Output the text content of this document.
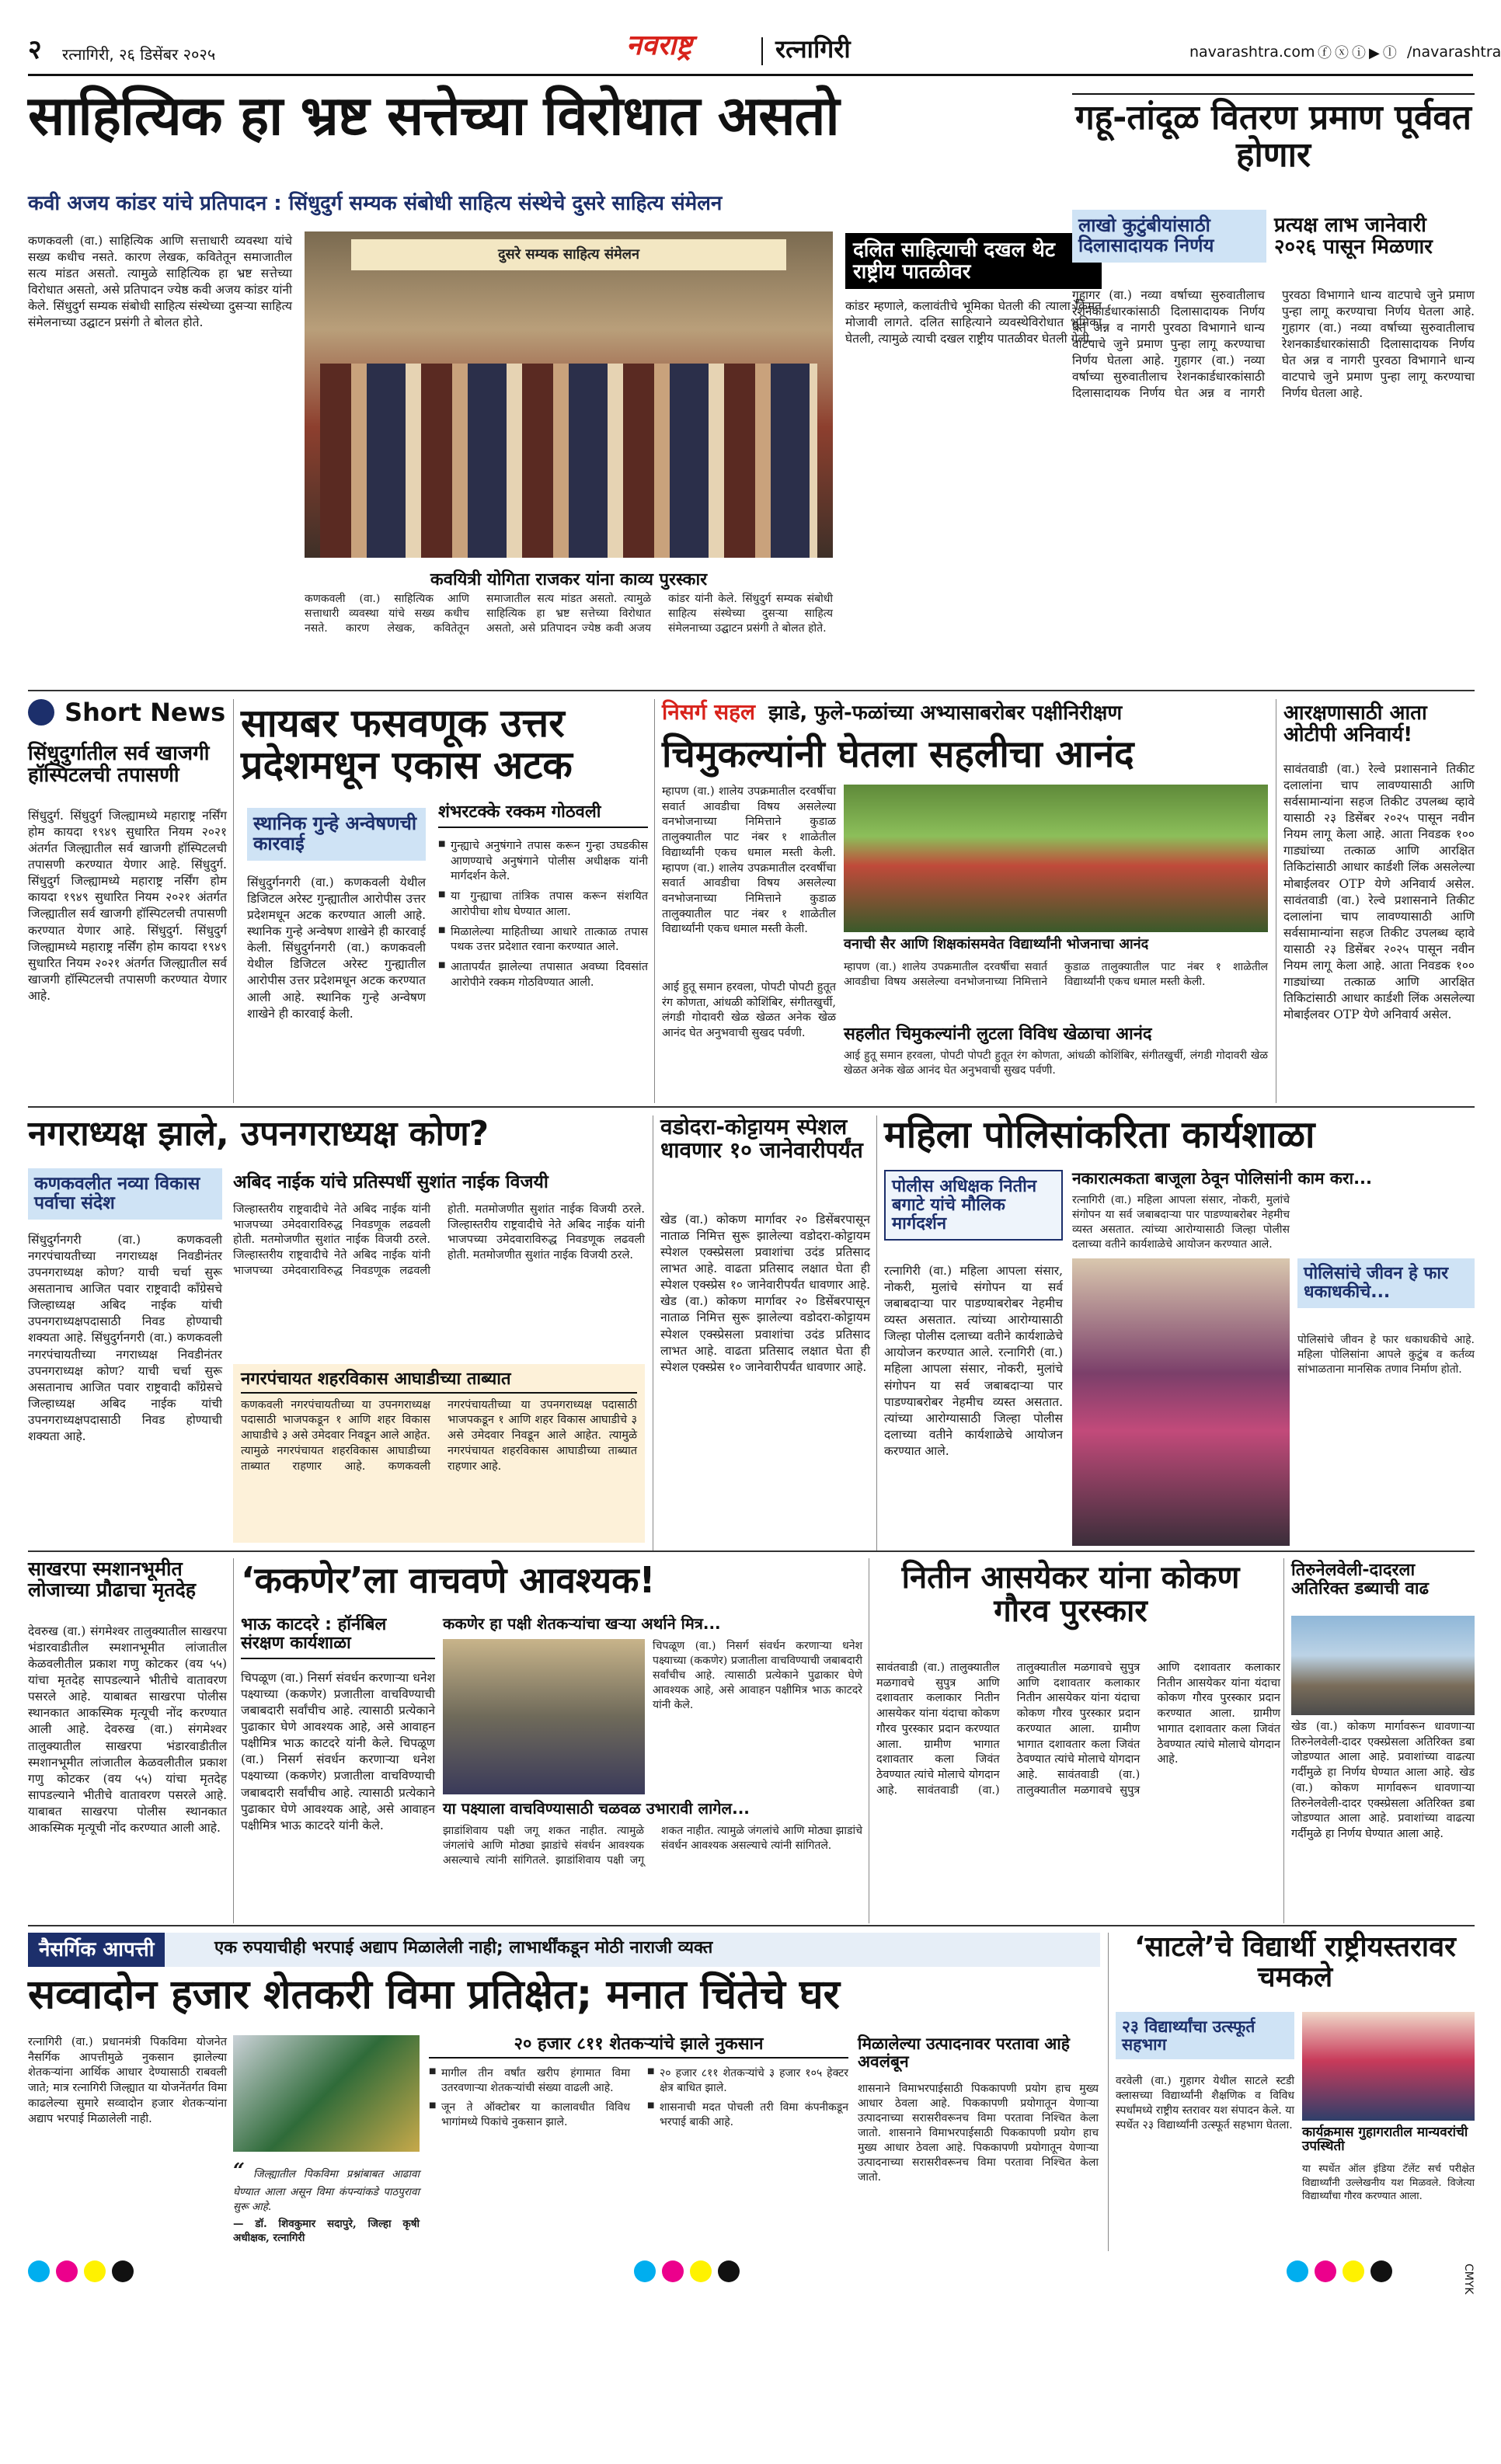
२ रत्नागिरी, २६ डिसेंबर २०२५	नवराष्ट्र	रत्नागिरी	navarashtra.com ⓕⓧⓘ▶ⓛ /navarashtra
साहित्यिक हा भ्रष्ट सत्तेच्या विरोधात असतो
कवी अजय कांडर यांचे प्रतिपादन : सिंधुदुर्ग सम्यक संबोधी साहित्य संस्थेचे दुसरे साहित्य संमेलन
कणकवली (वा.) साहित्यिक आणि सत्ताधारी व्यवस्था यांचे सख्य कधीच नसते. कारण लेखक, कवितेतून समाजातील सत्य मांडत असतो. त्यामुळे साहित्यिक हा भ्रष्ट सत्तेच्या विरोधात असतो, असे प्रतिपादन ज्येष्ठ कवी अजय कांडर यांनी केले. सिंधुदुर्ग सम्यक संबोधी साहित्य संस्थेच्या दुसऱ्या साहित्य संमेलनाच्या उद्घाटन प्रसंगी ते बोलत होते.
दुसरे सम्यक साहित्य संमेलन
कवयित्री योगिता राजकर यांना काव्य पुरस्कार
कणकवली (वा.) साहित्यिक आणि सत्ताधारी व्यवस्था यांचे सख्य कधीच नसते. कारण लेखक, कवितेतून समाजातील सत्य मांडत असतो. त्यामुळे साहित्यिक हा भ्रष्ट सत्तेच्या विरोधात असतो, असे प्रतिपादन ज्येष्ठ कवी अजय कांडर यांनी केले. सिंधुदुर्ग सम्यक संबोधी साहित्य संस्थेच्या दुसऱ्या साहित्य संमेलनाच्या उद्घाटन प्रसंगी ते बोलत होते.
दलित साहित्याची दखल थेट राष्ट्रीय पातळीवर
कांडर म्हणाले, कलावंतीचे भूमिका घेतली की त्याला किंमत मोजावी लागते. दलित साहित्याने व्यवस्थेविरोधात भूमिका घेतली, त्यामुळे त्याची दखल राष्ट्रीय पातळीवर घेतली गेली.
गहू-तांदूळ वितरण प्रमाण पूर्ववत होणार
लाखो कुटुंबीयांसाठी दिलासादायक निर्णय
प्रत्यक्ष लाभ जानेवारी २०२६ पासून मिळणार
गुहागर (वा.) नव्या वर्षाच्या सुरुवातीलाच रेशनकार्डधारकांसाठी दिलासादायक निर्णय घेत अन्न व नागरी पुरवठा विभागाने धान्य वाटपाचे जुने प्रमाण पुन्हा लागू करण्याचा निर्णय घेतला आहे. गुहागर (वा.) नव्या वर्षाच्या सुरुवातीलाच रेशनकार्डधारकांसाठी दिलासादायक निर्णय घेत अन्न व नागरी पुरवठा विभागाने धान्य वाटपाचे जुने प्रमाण पुन्हा लागू करण्याचा निर्णय घेतला आहे. गुहागर (वा.) नव्या वर्षाच्या सुरुवातीलाच रेशनकार्डधारकांसाठी दिलासादायक निर्णय घेत अन्न व नागरी पुरवठा विभागाने धान्य वाटपाचे जुने प्रमाण पुन्हा लागू करण्याचा निर्णय घेतला आहे.
Short News
सिंधुदुर्गातील सर्व खाजगी हॉस्पिटलची तपासणी
सिंधुदुर्ग. सिंधुदुर्ग जिल्ह्यामध्ये महाराष्ट्र नर्सिंग होम कायदा १९४९ सुधारित नियम २०२१ अंतर्गत जिल्ह्यातील सर्व खाजगी हॉस्पिटलची तपासणी करण्यात येणार आहे. सिंधुदुर्ग. सिंधुदुर्ग जिल्ह्यामध्ये महाराष्ट्र नर्सिंग होम कायदा १९४९ सुधारित नियम २०२१ अंतर्गत जिल्ह्यातील सर्व खाजगी हॉस्पिटलची तपासणी करण्यात येणार आहे. सिंधुदुर्ग. सिंधुदुर्ग जिल्ह्यामध्ये महाराष्ट्र नर्सिंग होम कायदा १९४९ सुधारित नियम २०२१ अंतर्गत जिल्ह्यातील सर्व खाजगी हॉस्पिटलची तपासणी करण्यात येणार आहे.
सायबर फसवणूक उत्तर प्रदेशमधून एकास अटक
स्थानिक गुन्हे अन्वेषणची कारवाई
सिंधुदुर्गनगरी (वा.) कणकवली येथील डिजिटल अरेस्ट गुन्ह्यातील आरोपीस उत्तर प्रदेशमधून अटक करण्यात आली आहे. स्थानिक गुन्हे अन्वेषण शाखेने ही कारवाई केली. सिंधुदुर्गनगरी (वा.) कणकवली येथील डिजिटल अरेस्ट गुन्ह्यातील आरोपीस उत्तर प्रदेशमधून अटक करण्यात आली आहे. स्थानिक गुन्हे अन्वेषण शाखेने ही कारवाई केली.
शंभरटक्के रक्कम गोठवली
■ गुन्ह्याचे अनुषंगाने तपास करून गुन्हा उघडकीस आणण्याचे अनुषंगाने पोलीस अधीक्षक यांनी मार्गदर्शन केले.
■ या गुन्ह्याचा तांत्रिक तपास करून संशयित आरोपीचा शोध घेण्यात आला.
■ मिळालेल्या माहितीच्या आधारे तात्काळ तपास पथक उत्तर प्रदेशात रवाना करण्यात आले.
■ आतापर्यंत झालेल्या तपासात अवघ्या दिवसांत आरोपीने रक्कम गोठविण्यात आली.
निसर्ग सहल झाडे, फुले-फळांच्या अभ्यासाबरोबर पक्षीनिरीक्षण
चिमुकल्यांनी घेतला सहलीचा आनंद
म्हापण (वा.) शालेय उपक्रमातील दरवर्षीचा सवार्त आवडीचा विषय असलेल्या वनभोजनाच्या निमित्ताने कुडाळ तालुक्यातील पाट नंबर १ शाळेतील विद्यार्थ्यांनी एकच धमाल मस्ती केली. म्हापण (वा.) शालेय उपक्रमातील दरवर्षीचा सवार्त आवडीचा विषय असलेल्या वनभोजनाच्या निमित्ताने कुडाळ तालुक्यातील पाट नंबर १ शाळेतील विद्यार्थ्यांनी एकच धमाल मस्ती केली.
वनाची सैर आणि शिक्षकांसमवेत विद्यार्थ्यांनी भोजनाचा आनंद
म्हापण (वा.) शालेय उपक्रमातील दरवर्षीचा सवार्त आवडीचा विषय असलेल्या वनभोजनाच्या निमित्ताने कुडाळ तालुक्यातील पाट नंबर १ शाळेतील विद्यार्थ्यांनी एकच धमाल मस्ती केली.
सहलीत चिमुकल्यांनी लुटला विविध खेळाचा आनंद
आई हुतू समान हरवला, पोपटी पोपटी हुतूत रंग कोणता, आंधळी कोशिंबिर, संगीतखुर्ची, लंगडी गोदावरी खेळ खेळत अनेक खेळ आनंद घेत अनुभवाची सुखद पर्वणी.
आई हुतू समान हरवला, पोपटी पोपटी हुतूत रंग कोणता, आंधळी कोशिंबिर, संगीतखुर्ची, लंगडी गोदावरी खेळ खेळत अनेक खेळ आनंद घेत अनुभवाची सुखद पर्वणी.
आरक्षणासाठी आता ओटीपी अनिवार्य!
सावंतवाडी (वा.) रेल्वे प्रशासनाने तिकीट दलालांना चाप लावण्यासाठी आणि सर्वसामान्यांना सहज तिकीट उपलब्ध व्हावे यासाठी २३ डिसेंबर २०२५ पासून नवीन नियम लागू केला आहे. आता निवडक १०० गाड्यांच्या तत्काळ आणि आरक्षित तिकिटांसाठी आधार कार्डशी लिंक असलेल्या मोबाईलवर OTP येणे अनिवार्य असेल. सावंतवाडी (वा.) रेल्वे प्रशासनाने तिकीट दलालांना चाप लावण्यासाठी आणि सर्वसामान्यांना सहज तिकीट उपलब्ध व्हावे यासाठी २३ डिसेंबर २०२५ पासून नवीन नियम लागू केला आहे. आता निवडक १०० गाड्यांच्या तत्काळ आणि आरक्षित तिकिटांसाठी आधार कार्डशी लिंक असलेल्या मोबाईलवर OTP येणे अनिवार्य असेल.
नगराध्यक्ष झाले, उपनगराध्यक्ष कोण?
कणकवलीत नव्या विकास पर्वाचा संदेश
सिंधुदुर्गनगरी (वा.) कणकवली नगरपंचायतीच्या नगराध्यक्ष निवडीनंतर उपनगराध्यक्ष कोण? याची चर्चा सुरू असतानाच आजित पवार राष्ट्रवादी काँग्रेसचे जिल्हाध्यक्ष अबिद नाईक यांची उपनगराध्यक्षपदासाठी निवड होण्याची शक्यता आहे. सिंधुदुर्गनगरी (वा.) कणकवली नगरपंचायतीच्या नगराध्यक्ष निवडीनंतर उपनगराध्यक्ष कोण? याची चर्चा सुरू असतानाच आजित पवार राष्ट्रवादी काँग्रेसचे जिल्हाध्यक्ष अबिद नाईक यांची उपनगराध्यक्षपदासाठी निवड होण्याची शक्यता आहे.
अबिद नाईक यांचे प्रतिस्पर्धी सुशांत नाईक विजयी
जिल्हास्तरीय राष्ट्रवादीचे नेते अबिद नाईक यांनी भाजपच्या उमेदवाराविरुद्ध निवडणूक लढवली होती. मतमोजणीत सुशांत नाईक विजयी ठरले. जिल्हास्तरीय राष्ट्रवादीचे नेते अबिद नाईक यांनी भाजपच्या उमेदवाराविरुद्ध निवडणूक लढवली होती. मतमोजणीत सुशांत नाईक विजयी ठरले. जिल्हास्तरीय राष्ट्रवादीचे नेते अबिद नाईक यांनी भाजपच्या उमेदवाराविरुद्ध निवडणूक लढवली होती. मतमोजणीत सुशांत नाईक विजयी ठरले.
नगरपंचायत शहरविकास आघाडीच्या ताब्यात
कणकवली नगरपंचायतीच्या या उपनगराध्यक्ष पदासाठी भाजपकडून १ आणि शहर विकास आघाडीचे ३ असे उमेदवार निवडून आले आहेत. त्यामुळे नगरपंचायत शहरविकास आघाडीच्या ताब्यात राहणार आहे. कणकवली नगरपंचायतीच्या या उपनगराध्यक्ष पदासाठी भाजपकडून १ आणि शहर विकास आघाडीचे ३ असे उमेदवार निवडून आले आहेत. त्यामुळे नगरपंचायत शहरविकास आघाडीच्या ताब्यात राहणार आहे.
वडोदरा-कोट्टायम स्पेशल धावणार १० जानेवारीपर्यंत
खेड (वा.) कोकण मार्गावर २० डिसेंबरपासून नाताळ निमित्त सुरू झालेल्या वडोदरा-कोट्टायम स्पेशल एक्स्प्रेसला प्रवाशांचा उदंड प्रतिसाद लाभत आहे. वाढता प्रतिसाद लक्षात घेता ही स्पेशल एक्स्प्रेस १० जानेवारीपर्यंत धावणार आहे. खेड (वा.) कोकण मार्गावर २० डिसेंबरपासून नाताळ निमित्त सुरू झालेल्या वडोदरा-कोट्टायम स्पेशल एक्स्प्रेसला प्रवाशांचा उदंड प्रतिसाद लाभत आहे. वाढता प्रतिसाद लक्षात घेता ही स्पेशल एक्स्प्रेस १० जानेवारीपर्यंत धावणार आहे.
महिला पोलिसांकरिता कार्यशाळा
पोलीस अधिक्षक नितीन बगाटे यांचे मौलिक मार्गदर्शन
रत्नागिरी (वा.) महिला आपला संसार, नोकरी, मुलांचे संगोपन या सर्व जबाबदाऱ्या पार पाडण्याबरोबर नेहमीच व्यस्त असतात. त्यांच्या आरोग्यासाठी जिल्हा पोलीस दलाच्या वतीने कार्यशाळेचे आयोजन करण्यात आले. रत्नागिरी (वा.) महिला आपला संसार, नोकरी, मुलांचे संगोपन या सर्व जबाबदाऱ्या पार पाडण्याबरोबर नेहमीच व्यस्त असतात. त्यांच्या आरोग्यासाठी जिल्हा पोलीस दलाच्या वतीने कार्यशाळेचे आयोजन करण्यात आले.
नकारात्मकता बाजूला ठेवून पोलिसांनी काम करा...
रत्नागिरी (वा.) महिला आपला संसार, नोकरी, मुलांचे संगोपन या सर्व जबाबदाऱ्या पार पाडण्याबरोबर नेहमीच व्यस्त असतात. त्यांच्या आरोग्यासाठी जिल्हा पोलीस दलाच्या वतीने कार्यशाळेचे आयोजन करण्यात आले.
पोलिसांचे जीवन हे फार धकाधकीचे...
पोलिसांचे जीवन हे फार धकाधकीचे आहे. महिला पोलिसांना आपले कुटुंब व कर्तव्य सांभाळताना मानसिक तणाव निर्माण होतो.
साखरपा स्मशानभूमीत लोजाच्या प्रौढाचा मृतदेह
देवरुख (वा.) संगमेश्वर तालुक्यातील साखरपा भंडारवाडीतील स्मशानभूमीत लांजातील केळवलीतील प्रकाश गणु कोटकर (वय ५५) यांचा मृतदेह सापडल्याने भीतीचे वातावरण पसरले आहे. याबाबत साखरपा पोलीस स्थानकात आकस्मिक मृत्यूची नोंद करण्यात आली आहे. देवरुख (वा.) संगमेश्वर तालुक्यातील साखरपा भंडारवाडीतील स्मशानभूमीत लांजातील केळवलीतील प्रकाश गणु कोटकर (वय ५५) यांचा मृतदेह सापडल्याने भीतीचे वातावरण पसरले आहे. याबाबत साखरपा पोलीस स्थानकात आकस्मिक मृत्यूची नोंद करण्यात आली आहे.
‘ककणेर’ला वाचवणे आवश्यक!
भाऊ काटदरे : हॉर्नबिल संरक्षण कार्यशाळा
चिपळूण (वा.) निसर्ग संवर्धन करणाऱ्या धनेश पक्ष्याच्या (ककणेर) प्रजातीला वाचविण्याची जबाबदारी सर्वांचीच आहे. त्यासाठी प्रत्येकाने पुढाकार घेणे आवश्यक आहे, असे आवाहन पक्षीमित्र भाऊ काटदरे यांनी केले. चिपळूण (वा.) निसर्ग संवर्धन करणाऱ्या धनेश पक्ष्याच्या (ककणेर) प्रजातीला वाचविण्याची जबाबदारी सर्वांचीच आहे. त्यासाठी प्रत्येकाने पुढाकार घेणे आवश्यक आहे, असे आवाहन पक्षीमित्र भाऊ काटदरे यांनी केले.
ककणेर हा पक्षी शेतकऱ्यांचा खऱ्या अर्थाने मित्र...
चिपळूण (वा.) निसर्ग संवर्धन करणाऱ्या धनेश पक्ष्याच्या (ककणेर) प्रजातीला वाचविण्याची जबाबदारी सर्वांचीच आहे. त्यासाठी प्रत्येकाने पुढाकार घेणे आवश्यक आहे, असे आवाहन पक्षीमित्र भाऊ काटदरे यांनी केले.
या पक्ष्याला वाचविण्यासाठी चळवळ उभारावी लागेल...
झाडांशिवाय पक्षी जगू शकत नाहीत. त्यामुळे जंगलांचे आणि मोठ्या झाडांचे संवर्धन आवश्यक असल्याचे त्यांनी सांगितले. झाडांशिवाय पक्षी जगू शकत नाहीत. त्यामुळे जंगलांचे आणि मोठ्या झाडांचे संवर्धन आवश्यक असल्याचे त्यांनी सांगितले.
नितीन आसयेकर यांना कोकण गौरव पुरस्कार
सावंतवाडी (वा.) तालुक्यातील मळगावचे सुपुत्र आणि दशावतार कलाकार नितीन आसयेकर यांना यंदाचा कोकण गौरव पुरस्कार प्रदान करण्यात आला. ग्रामीण भागात दशावतार कला जिवंत ठेवण्यात त्यांचे मोलाचे योगदान आहे. सावंतवाडी (वा.) तालुक्यातील मळगावचे सुपुत्र आणि दशावतार कलाकार नितीन आसयेकर यांना यंदाचा कोकण गौरव पुरस्कार प्रदान करण्यात आला. ग्रामीण भागात दशावतार कला जिवंत ठेवण्यात त्यांचे मोलाचे योगदान आहे. सावंतवाडी (वा.) तालुक्यातील मळगावचे सुपुत्र आणि दशावतार कलाकार नितीन आसयेकर यांना यंदाचा कोकण गौरव पुरस्कार प्रदान करण्यात आला. ग्रामीण भागात दशावतार कला जिवंत ठेवण्यात त्यांचे मोलाचे योगदान आहे.
तिरुनेलवेली-दादरला अतिरिक्त डब्याची वाढ
खेड (वा.) कोकण मार्गावरून धावणाऱ्या तिरुनेलवेली-दादर एक्स्प्रेसला अतिरिक्त डबा जोडण्यात आला आहे. प्रवाशांच्या वाढत्या गर्दीमुळे हा निर्णय घेण्यात आला आहे. खेड (वा.) कोकण मार्गावरून धावणाऱ्या तिरुनेलवेली-दादर एक्स्प्रेसला अतिरिक्त डबा जोडण्यात आला आहे. प्रवाशांच्या वाढत्या गर्दीमुळे हा निर्णय घेण्यात आला आहे.
नैसर्गिक आपत्ती	एक रुपयाचीही भरपाई अद्याप मिळालेली नाही; लाभार्थींकडून मोठी नाराजी व्यक्त
सव्वादोन हजार शेतकरी विमा प्रतिक्षेत; मनात चिंतेचे घर
रत्नागिरी (वा.) प्रधानमंत्री पिकविमा योजनेत नैसर्गिक आपत्तीमुळे नुकसान झालेल्या शेतकऱ्यांना आर्थिक आधार देण्यासाठी राबवली जाते; मात्र रत्नागिरी जिल्ह्यात या योजनेंतर्गत विमा काढलेल्या सुमारे सव्वादोन हजार शेतकऱ्यांना अद्याप भरपाई मिळालेली नाही.
“ जिल्ह्यातील पिकविमा प्रश्नांबाबत आढावा घेण्यात आला असून विमा कंपन्यांकडे पाठपुरावा सुरू आहे.
— डॉ. शिवकुमार सदापुरे, जिल्हा कृषी अधीक्षक, रत्नागिरी
२० हजार ८११ शेतकऱ्यांचे झाले नुकसान
■ मागील तीन वर्षांत खरीप हंगामात विमा उतरवणाऱ्या शेतकऱ्यांची संख्या वाढली आहे.
■ जून ते ऑक्टोबर या कालावधीत विविध भागांमध्ये पिकांचे नुकसान झाले.
■ २० हजार ८११ शेतकऱ्यांचे ३ हजार १०५ हेक्टर क्षेत्र बाधित झाले.
■ शासनाची मदत पोचली तरी विमा कंपनीकडून भरपाई बाकी आहे.
मिळालेल्या उत्पादनावर परतावा आहे अवलंबून
शासनाने विमाभरपाईसाठी पिककापणी प्रयोग हाच मुख्य आधार ठेवला आहे. पिककापणी प्रयोगातून येणाऱ्या उत्पादनाच्या सरासरीवरूनच विमा परतावा निश्चित केला जातो. शासनाने विमाभरपाईसाठी पिककापणी प्रयोग हाच मुख्य आधार ठेवला आहे. पिककापणी प्रयोगातून येणाऱ्या उत्पादनाच्या सरासरीवरूनच विमा परतावा निश्चित केला जातो.
‘साटले’चे विद्यार्थी राष्ट्रीयस्तरावर चमकले
२३ विद्यार्थ्यांचा उत्स्फूर्त सहभाग
वरवेली (वा.) गुहागर येथील साटले स्टडी क्लासच्या विद्यार्थ्यांनी शैक्षणिक व विविध स्पर्धांमध्ये राष्ट्रीय स्तरावर यश संपादन केले. या स्पर्धेत २३ विद्यार्थ्यांनी उत्स्फूर्त सहभाग घेतला. कार्यक्रमास गुहागरातील मान्यवरांची उपस्थिती
या स्पर्धेत ऑल इंडिया टॅलेंट सर्च परीक्षेत विद्यार्थ्यांनी उल्लेखनीय यश मिळवले. विजेत्या विद्यार्थ्यांचा गौरव करण्यात आला.
CMYK
